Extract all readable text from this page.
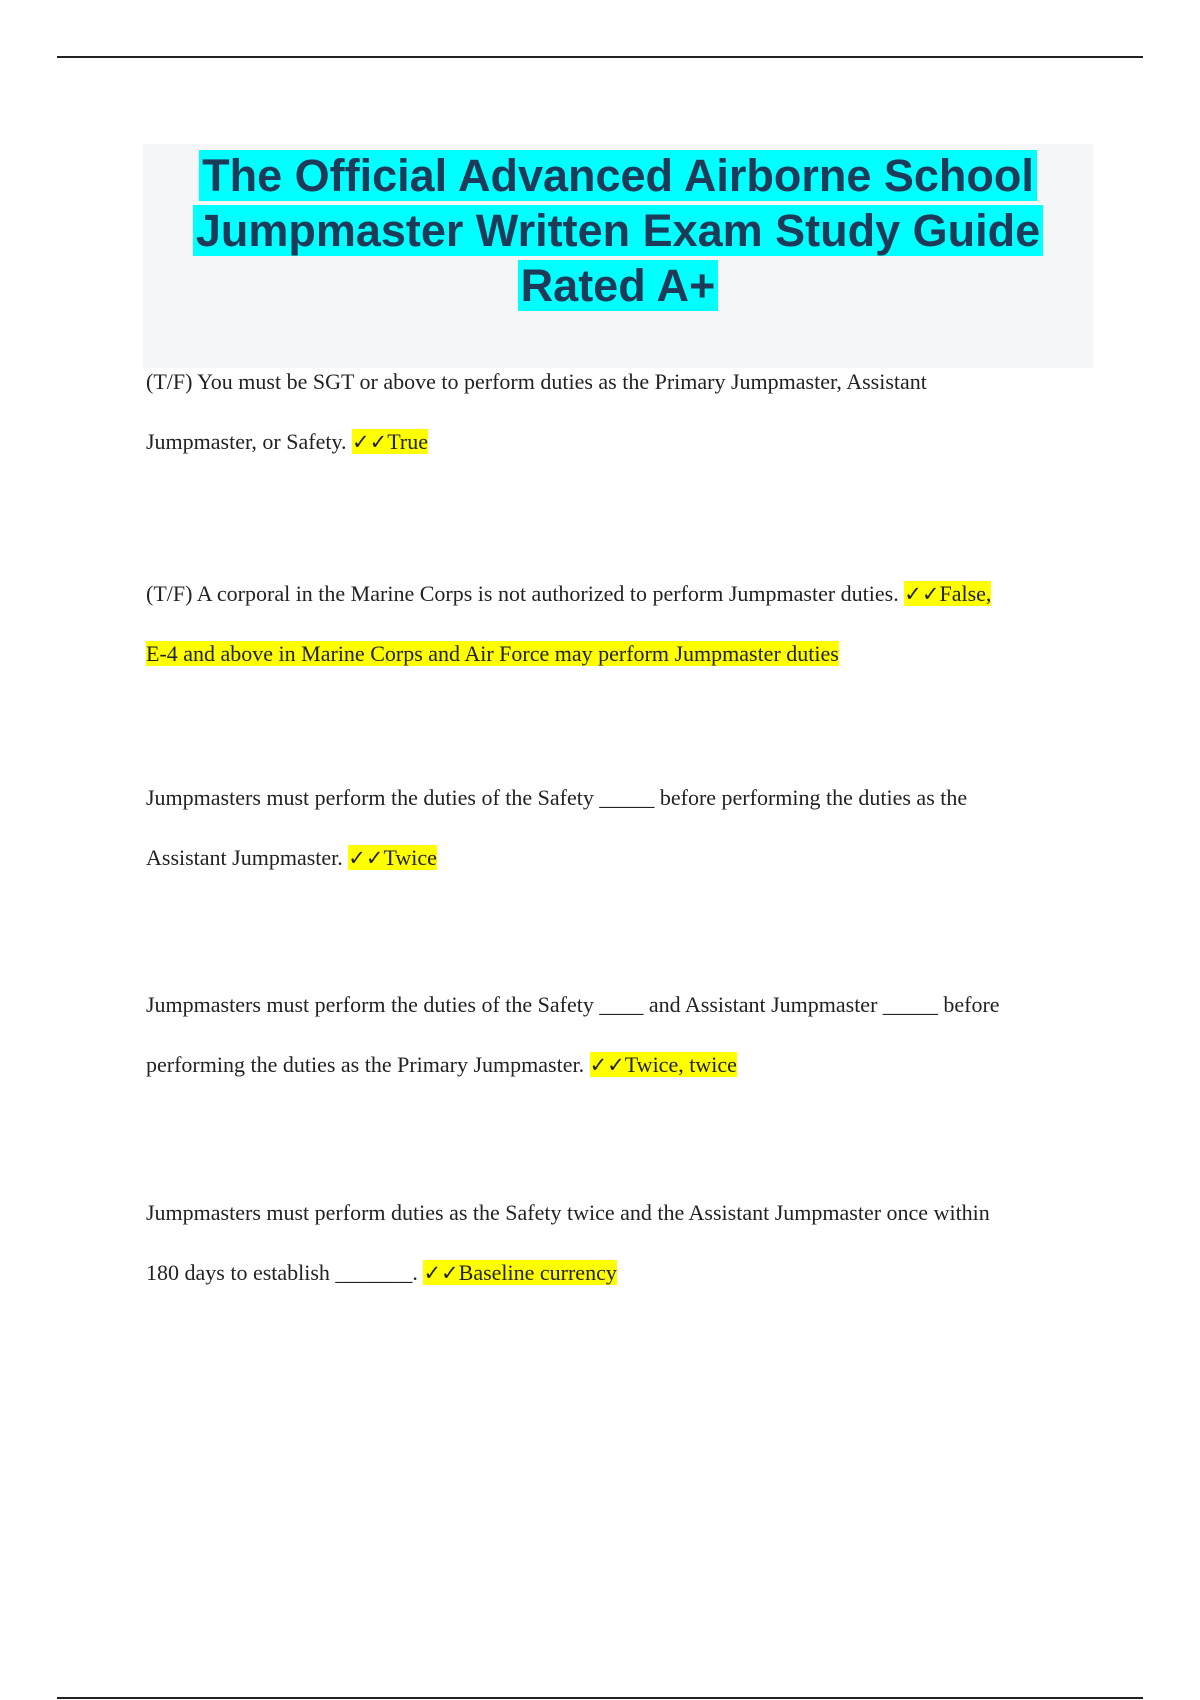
The Official Advanced Airborne School

Jumpmaster Written Exam Study Guide

Rated A+

(T/F) You must be SGT or above to perform duties as the Primary Jumpmaster, Assistant
Jumpmaster, or Safety. ✓✓True
(T/F) A corporal in the Marine Corps is not authorized to perform Jumpmaster duties. ✓✓False,
E-4 and above in Marine Corps and Air Force may perform Jumpmaster duties
Jumpmasters must perform the duties of the Safety _____ before performing the duties as the
Assistant Jumpmaster. ✓✓Twice
Jumpmasters must perform the duties of the Safety ____ and Assistant Jumpmaster _____ before
performing the duties as the Primary Jumpmaster. ✓✓Twice, twice
Jumpmasters must perform duties as the Safety twice and the Assistant Jumpmaster once within
180 days to establish _______. ✓✓Baseline currency
